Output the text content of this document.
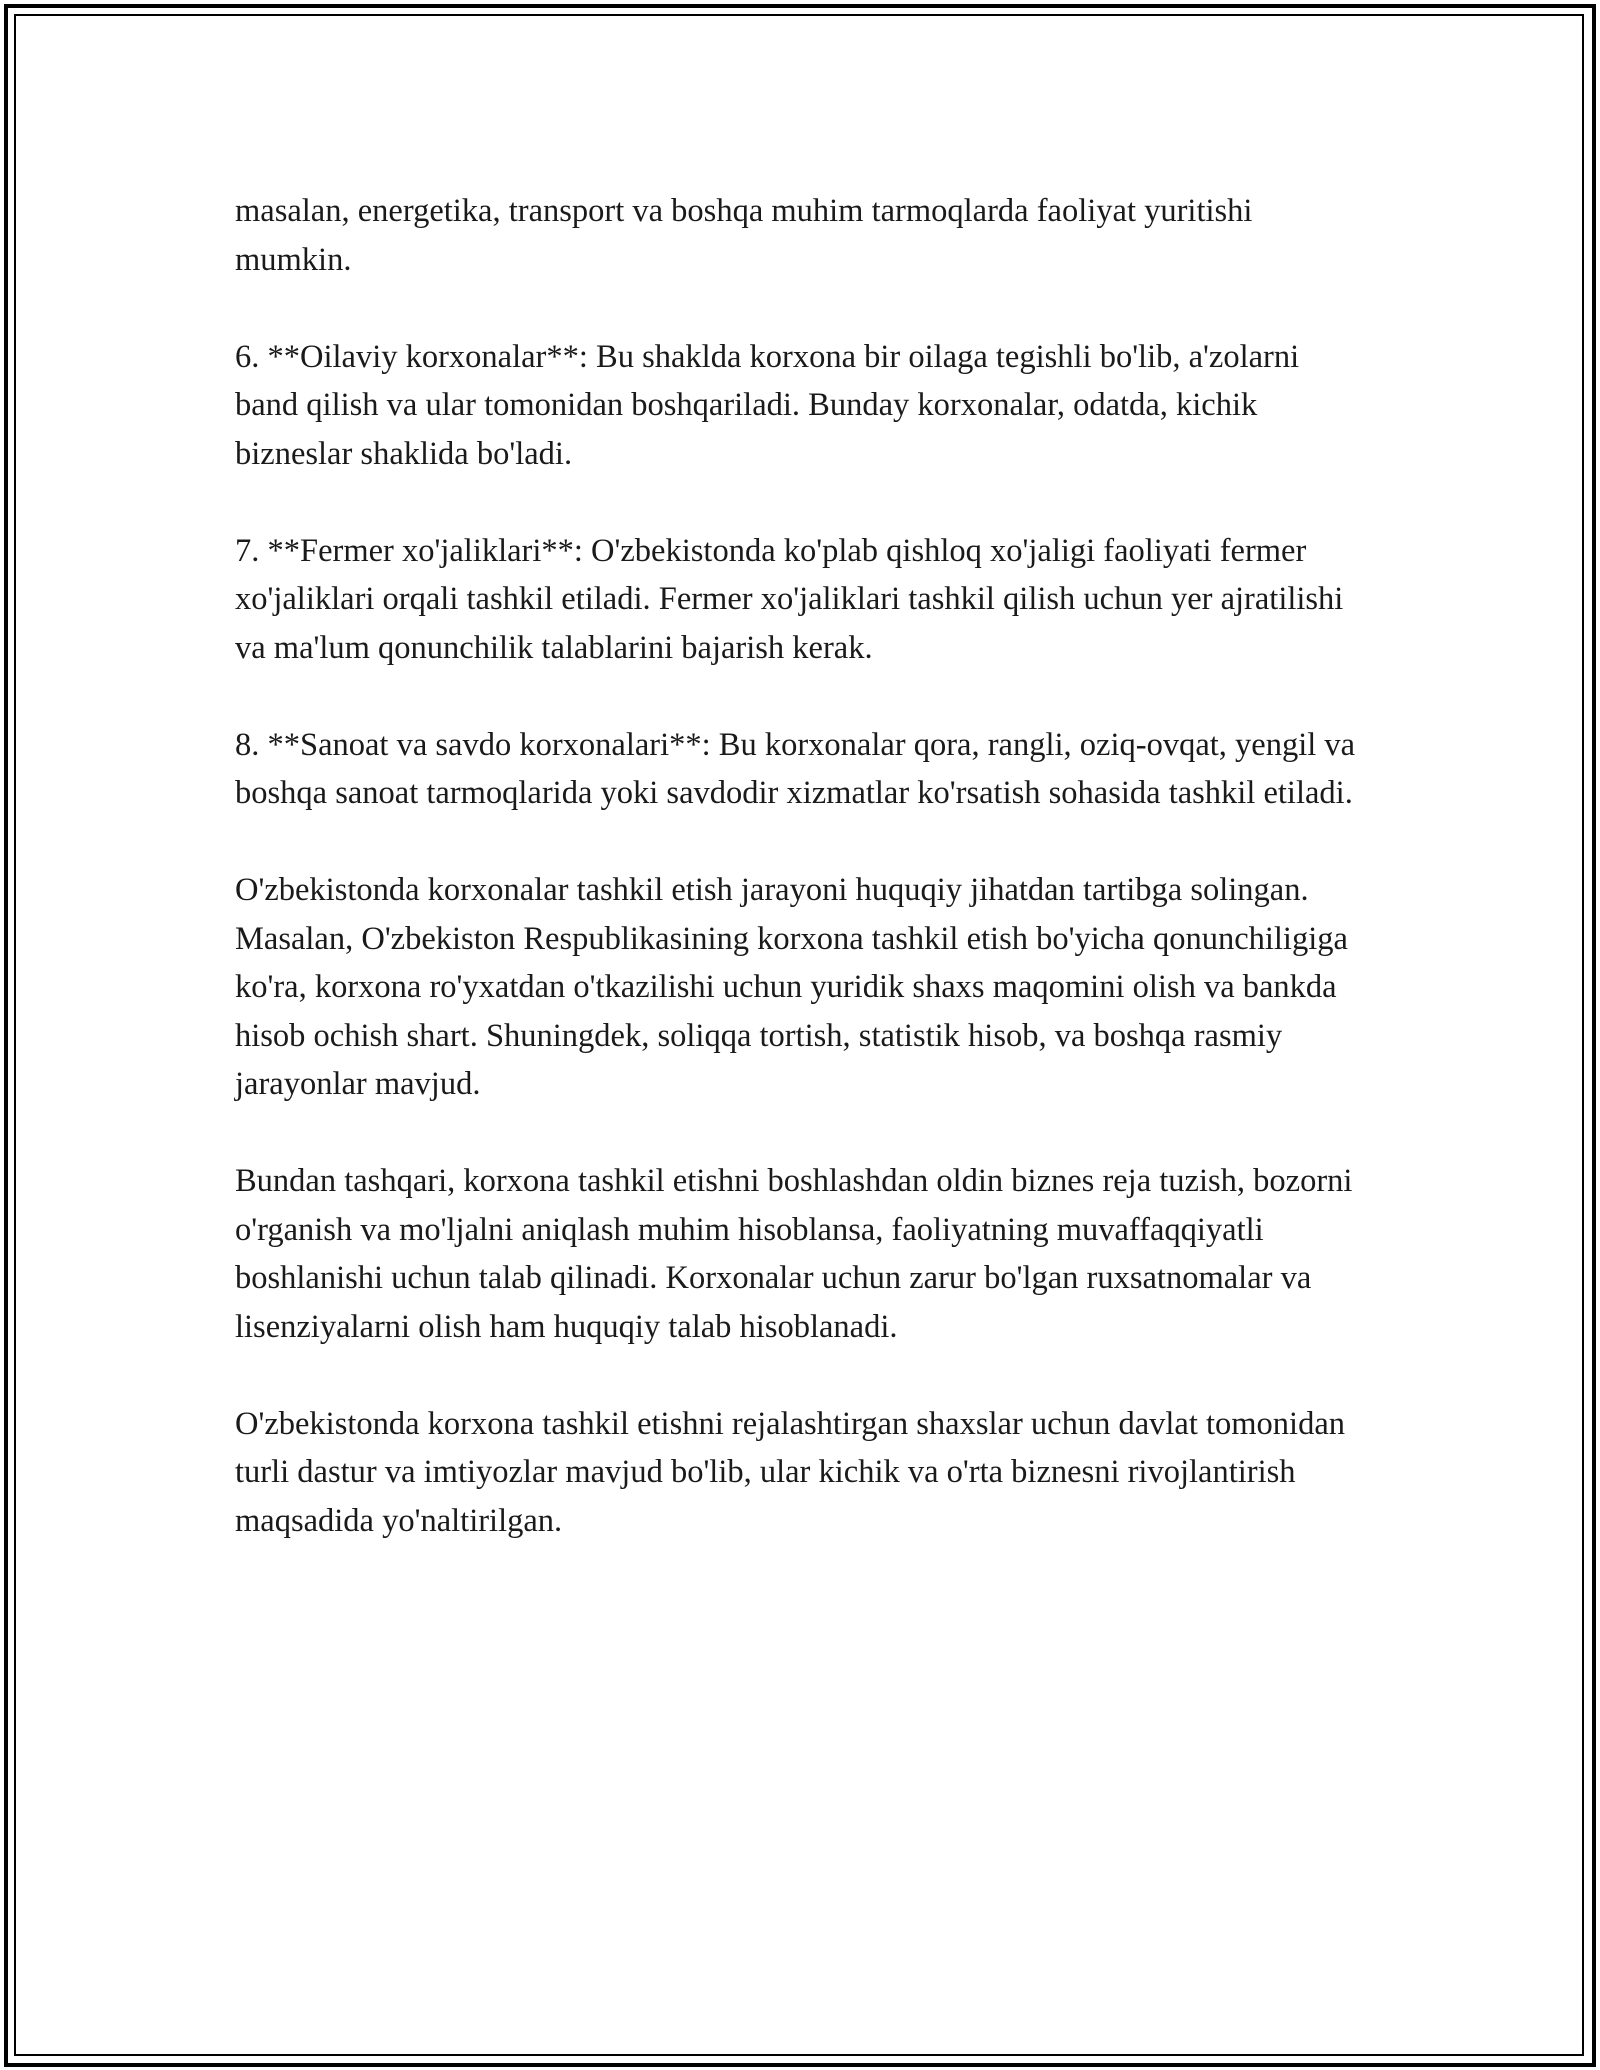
masalan, energetika, transport va boshqa muhim tarmoqlarda faoliyat yuritishi mumkin.

6. **Oilaviy korxonalar**: Bu shaklda korxona bir oilaga tegishli bo'lib, a'zolarni band qilish va ular tomonidan boshqariladi. Bunday korxonalar, odatda, kichik bizneslar shaklida bo'ladi.

7. **Fermer xo'jaliklari**: O'zbekistonda ko'plab qishloq xo'jaligi faoliyati fermer xo'jaliklari orqali tashkil etiladi. Fermer xo'jaliklari tashkil qilish uchun yer ajratilishi va ma'lum qonunchilik talablarini bajarish kerak.

8. **Sanoat va savdo korxonalari**: Bu korxonalar qora, rangli, oziq-ovqat, yengil va boshqa sanoat tarmoqlarida yoki savdodir xizmatlar ko'rsatish sohasida tashkil etiladi.

O'zbekistonda korxonalar tashkil etish jarayoni huquqiy jihatdan tartibga solingan. Masalan, O'zbekiston Respublikasining korxona tashkil etish bo'yicha qonunchiligiga ko'ra, korxona ro'yxatdan o'tkazilishi uchun yuridik shaxs maqomini olish va bankda hisob ochish shart. Shuningdek, soliqqa tortish, statistik hisob, va boshqa rasmiy jarayonlar mavjud.

Bundan tashqari, korxona tashkil etishni boshlashdan oldin biznes reja tuzish, bozorni o'rganish va mo'ljalni aniqlash muhim hisoblansa, faoliyatning muvaffaqqiyatli boshlanishi uchun talab qilinadi. Korxonalar uchun zarur bo'lgan ruxsatnomalar va lisenziyalarni olish ham huquqiy talab hisoblanadi.

O'zbekistonda korxona tashkil etishni rejalashtirgan shaxslar uchun davlat tomonidan turli dastur va imtiyozlar mavjud bo'lib, ular kichik va o'rta biznesni rivojlantirish maqsadida yo'naltirilgan.
